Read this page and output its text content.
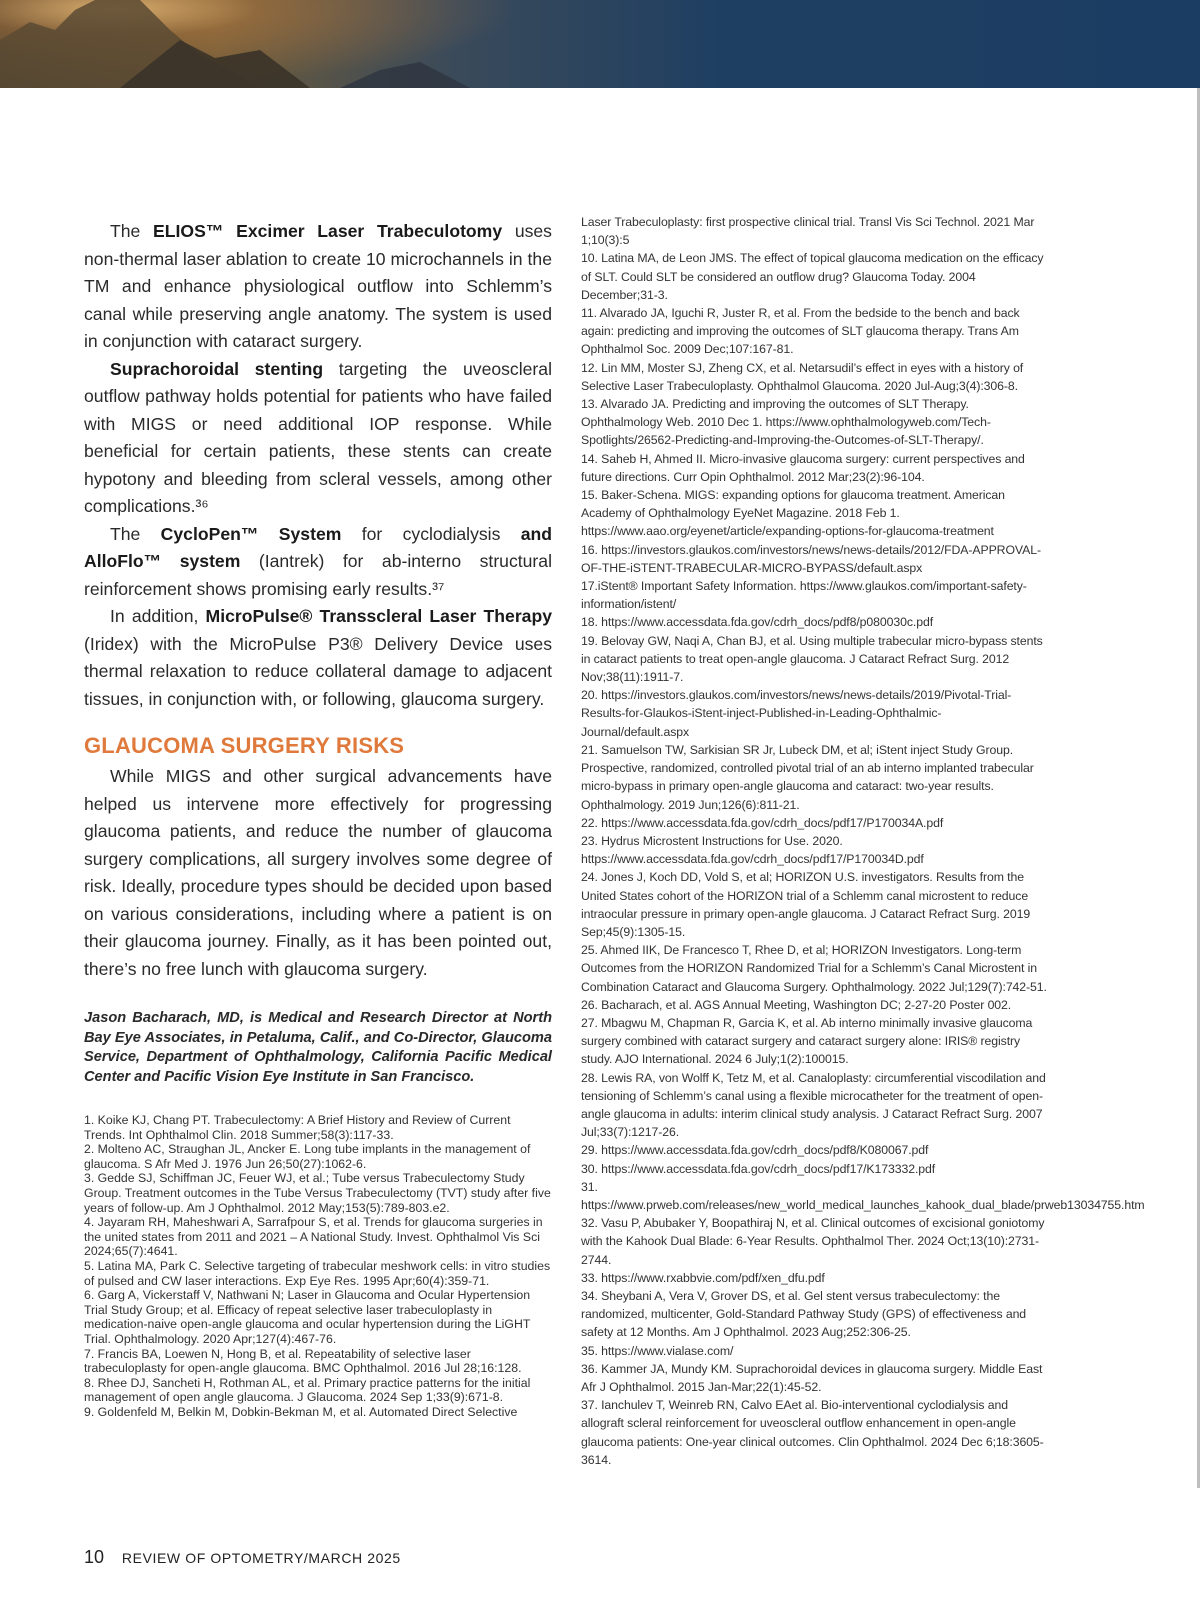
The ELIOS™ Excimer Laser Trabeculotomy uses non-thermal laser ablation to create 10 microchannels in the TM and enhance physiological outflow into Schlemm’s canal while preserving angle anatomy. The system is used in conjunction with cataract surgery.

Suprachoroidal stenting targeting the uveoscleral outflow pathway holds potential for patients who have failed with MIGS or need additional IOP response. While beneficial for certain patients, these stents can create hypotony and bleeding from scleral vessels, among other complications.³⁶

The CycloPen™ System for cyclodialysis and AlloFlo™ system (Iantrek) for ab-interno structural reinforcement shows promising early results.³⁷

In addition, MicroPulse® Transscleral Laser Therapy (Iridex) with the MicroPulse P3® Delivery Device uses thermal relaxation to reduce collateral damage to adjacent tissues, in conjunction with, or following, glaucoma surgery.

GLAUCOMA SURGERY RISKS

While MIGS and other surgical advancements have helped us intervene more effectively for progressing glaucoma patients, and reduce the number of glaucoma surgery complications, all surgery involves some degree of risk. Ideally, procedure types should be decided upon based on various considerations, including where a patient is on their glaucoma journey. Finally, as it has been pointed out, there’s no free lunch with glaucoma surgery.

Jason Bacharach, MD, is Medical and Research Director at North Bay Eye Associates, in Petaluma, Calif., and Co-Director, Glaucoma Service, Department of Ophthalmology, California Pacific Medical Center and Pacific Vision Eye Institute in San Francisco.
1. Koike KJ, Chang PT. Trabeculectomy: A Brief History and Review of Current Trends. Int Ophthalmol Clin. 2018 Summer;58(3):117-33.
2. Molteno AC, Straughan JL, Ancker E. Long tube implants in the management of glaucoma. S Afr Med J. 1976 Jun 26;50(27):1062-6.
3. Gedde SJ, Schiffman JC, Feuer WJ, et al.; Tube versus Trabeculectomy Study Group. Treatment outcomes in the Tube Versus Trabeculectomy (TVT) study after five years of follow-up. Am J Ophthalmol. 2012 May;153(5):789-803.e2.
4. Jayaram RH, Maheshwari A, Sarrafpour S, et al. Trends for glaucoma surgeries in the united states from 2011 and 2021 – A National Study. Invest. Ophthalmol Vis Sci 2024;65(7):4641.
5. Latina MA, Park C. Selective targeting of trabecular meshwork cells: in vitro studies of pulsed and CW laser interactions. Exp Eye Res. 1995 Apr;60(4):359-71.
6. Garg A, Vickerstaff V, Nathwani N; Laser in Glaucoma and Ocular Hypertension Trial Study Group; et al. Efficacy of repeat selective laser trabeculoplasty in medication-naive open-angle glaucoma and ocular hypertension during the LiGHT Trial. Ophthalmology. 2020 Apr;127(4):467-76.
7. Francis BA, Loewen N, Hong B, et al. Repeatability of selective laser trabeculoplasty for open-angle glaucoma. BMC Ophthalmol. 2016 Jul 28;16:128.
8. Rhee DJ, Sancheti H, Rothman AL, et al. Primary practice patterns for the initial management of open angle glaucoma. J Glaucoma. 2024 Sep 1;33(9):671-8.
9. Goldenfeld M, Belkin M, Dobkin-Bekman M, et al. Automated Direct Selective
Laser Trabeculoplasty: first prospective clinical trial. Transl Vis Sci Technol. 2021 Mar 1;10(3):5
10. Latina MA, de Leon JMS. The effect of topical glaucoma medication on the efficacy of SLT. Could SLT be considered an outflow drug? Glaucoma Today. 2004 December;31-3.
11. Alvarado JA, Iguchi R, Juster R, et al. From the bedside to the bench and back again: predicting and improving the outcomes of SLT glaucoma therapy. Trans Am Ophthalmol Soc. 2009 Dec;107:167-81.
12. Lin MM, Moster SJ, Zheng CX, et al. Netarsudil’s effect in eyes with a history of Selective Laser Trabeculoplasty. Ophthalmol Glaucoma. 2020 Jul-Aug;3(4):306-8.
13. Alvarado JA. Predicting and improving the outcomes of SLT Therapy. Ophthalmology Web. 2010 Dec 1. https://www.ophthalmologyweb.com/Tech-Spotlights/26562-Predicting-and-Improving-the-Outcomes-of-SLT-Therapy/.
14. Saheb H, Ahmed II. Micro-invasive glaucoma surgery: current perspectives and future directions. Curr Opin Ophthalmol. 2012 Mar;23(2):96-104.
15. Baker-Schena. MIGS: expanding options for glaucoma treatment. American Academy of Ophthalmology EyeNet Magazine. 2018 Feb 1. https://www.aao.org/eyenet/article/expanding-options-for-glaucoma-treatment
16. https://investors.glaukos.com/investors/news/news-details/2012/FDA-APPROVAL-OF-THE-iSTENT-TRABECULAR-MICRO-BYPASS/default.aspx
17.iStent® Important Safety Information. https://www.glaukos.com/important-safety-information/istent/
18. https://www.accessdata.fda.gov/cdrh_docs/pdf8/p080030c.pdf
19. Belovay GW, Naqi A, Chan BJ, et al. Using multiple trabecular micro-bypass stents in cataract patients to treat open-angle glaucoma. J Cataract Refract Surg. 2012 Nov;38(11):1911-7.
20. https://investors.glaukos.com/investors/news/news-details/2019/Pivotal-Trial-Results-for-Glaukos-iStent-inject-Published-in-Leading-Ophthalmic-Journal/default.aspx
21. Samuelson TW, Sarkisian SR Jr, Lubeck DM, et al; iStent inject Study Group. Prospective, randomized, controlled pivotal trial of an ab interno implanted trabecular micro-bypass in primary open-angle glaucoma and cataract: two-year results. Ophthalmology. 2019 Jun;126(6):811-21.
22. https://www.accessdata.fda.gov/cdrh_docs/pdf17/P170034A.pdf
23. Hydrus Microstent Instructions for Use. 2020. https://www.accessdata.fda.gov/cdrh_docs/pdf17/P170034D.pdf
24. Jones J, Koch DD, Vold S, et al; HORIZON U.S. investigators. Results from the United States cohort of the HORIZON trial of a Schlemm canal microstent to reduce intraocular pressure in primary open-angle glaucoma. J Cataract Refract Surg. 2019 Sep;45(9):1305-15.
25. Ahmed IIK, De Francesco T, Rhee D, et al; HORIZON Investigators. Long-term Outcomes from the HORIZON Randomized Trial for a Schlemm’s Canal Microstent in Combination Cataract and Glaucoma Surgery. Ophthalmology. 2022 Jul;129(7):742-51.
26. Bacharach, et al. AGS Annual Meeting, Washington DC; 2-27-20 Poster 002.
27. Mbagwu M, Chapman R, Garcia K, et al. Ab interno minimally invasive glaucoma surgery combined with cataract surgery and cataract surgery alone: IRIS® registry study. AJO International. 2024 6 July;1(2):100015.
28. Lewis RA, von Wolff K, Tetz M, et al. Canaloplasty: circumferential viscodilation and tensioning of Schlemm’s canal using a flexible microcatheter for the treatment of open-angle glaucoma in adults: interim clinical study analysis. J Cataract Refract Surg. 2007 Jul;33(7):1217-26.
29. https://www.accessdata.fda.gov/cdrh_docs/pdf8/K080067.pdf
30. https://www.accessdata.fda.gov/cdrh_docs/pdf17/K173332.pdf
31. https://www.prweb.com/releases/new_world_medical_launches_kahook_dual_blade/prweb13034755.htm
32. Vasu P, Abubaker Y, Boopathiraj N, et al. Clinical outcomes of excisional goniotomy with the Kahook Dual Blade: 6-Year Results. Ophthalmol Ther. 2024 Oct;13(10):2731-2744.
33. https://www.rxabbvie.com/pdf/xen_dfu.pdf
34. Sheybani A, Vera V, Grover DS, et al. Gel stent versus trabeculectomy: the randomized, multicenter, Gold-Standard Pathway Study (GPS) of effectiveness and safety at 12 Months. Am J Ophthalmol. 2023 Aug;252:306-25.
35. https://www.vialase.com/
36. Kammer JA, Mundy KM. Suprachoroidal devices in glaucoma surgery. Middle East Afr J Ophthalmol. 2015 Jan-Mar;22(1):45-52.
37. Ianchulev T, Weinreb RN, Calvo EAet al. Bio-interventional cyclodialysis and allograft scleral reinforcement for uveoscleral outflow enhancement in open-angle glaucoma patients: One-year clinical outcomes. Clin Ophthalmol. 2024 Dec 6;18:3605-3614.
10 REVIEW OF OPTOMETRY/MARCH 2025
